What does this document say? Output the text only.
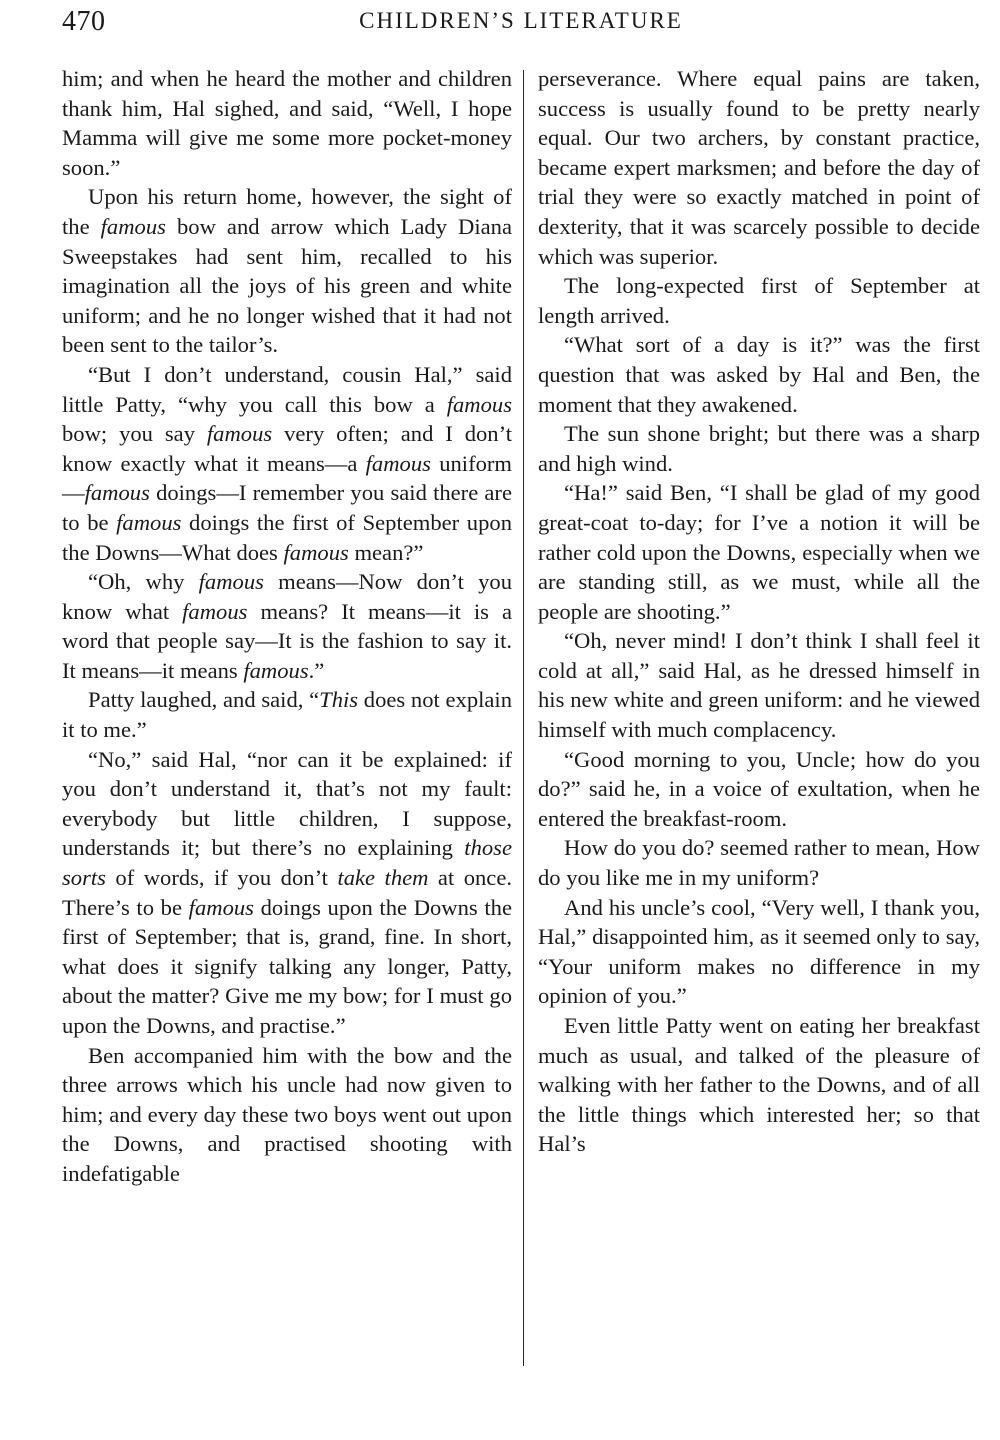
470	CHILDREN’S LITERATURE

him; and when he heard the mother and children thank him, Hal sighed, and said, “Well, I hope Mamma will give me some more pocket-money soon.”

Upon his return home, however, the sight of the famous bow and arrow which Lady Diana Sweepstakes had sent him, recalled to his imagination all the joys of his green and white uniform; and he no longer wished that it had not been sent to the tailor’s.

“But I don’t understand, cousin Hal,” said little Patty, “why you call this bow a famous bow; you say famous very often; and I don’t know exactly what it means—a famous uniform—famous doings—I remember you said there are to be famous doings the first of September upon the Downs—What does famous mean?”

“Oh, why famous means—Now don’t you know what famous means? It means—it is a word that people say—It is the fashion to say it. It means—it means famous.”

Patty laughed, and said, “This does not explain it to me.”

“No,” said Hal, “nor can it be explained: if you don’t understand it, that’s not my fault: everybody but little children, I suppose, understands it; but there’s no explaining those sorts of words, if you don’t take them at once. There’s to be famous doings upon the Downs the first of September; that is, grand, fine. In short, what does it signify talking any longer, Patty, about the matter? Give me my bow; for I must go upon the Downs, and practise.”

Ben accompanied him with the bow and the three arrows which his uncle had now given to him; and every day these two boys went out upon the Downs, and practised shooting with indefatigable

perseverance. Where equal pains are taken, success is usually found to be pretty nearly equal. Our two archers, by constant practice, became expert marksmen; and before the day of trial they were so exactly matched in point of dexterity, that it was scarcely possible to decide which was superior.

The long-expected first of September at length arrived.

“What sort of a day is it?” was the first question that was asked by Hal and Ben, the moment that they awakened.

The sun shone bright; but there was a sharp and high wind.

“Ha!” said Ben, “I shall be glad of my good great-coat to-day; for I’ve a notion it will be rather cold upon the Downs, especially when we are standing still, as we must, while all the people are shooting.”

“Oh, never mind! I don’t think I shall feel it cold at all,” said Hal, as he dressed himself in his new white and green uniform: and he viewed himself with much complacency.

“Good morning to you, Uncle; how do you do?” said he, in a voice of exultation, when he entered the breakfast-room.

How do you do? seemed rather to mean, How do you like me in my uniform?

And his uncle’s cool, “Very well, I thank you, Hal,” disappointed him, as it seemed only to say, “Your uniform makes no difference in my opinion of you.”

Even little Patty went on eating her breakfast much as usual, and talked of the pleasure of walking with her father to the Downs, and of all the little things which interested her; so that Hal’s
